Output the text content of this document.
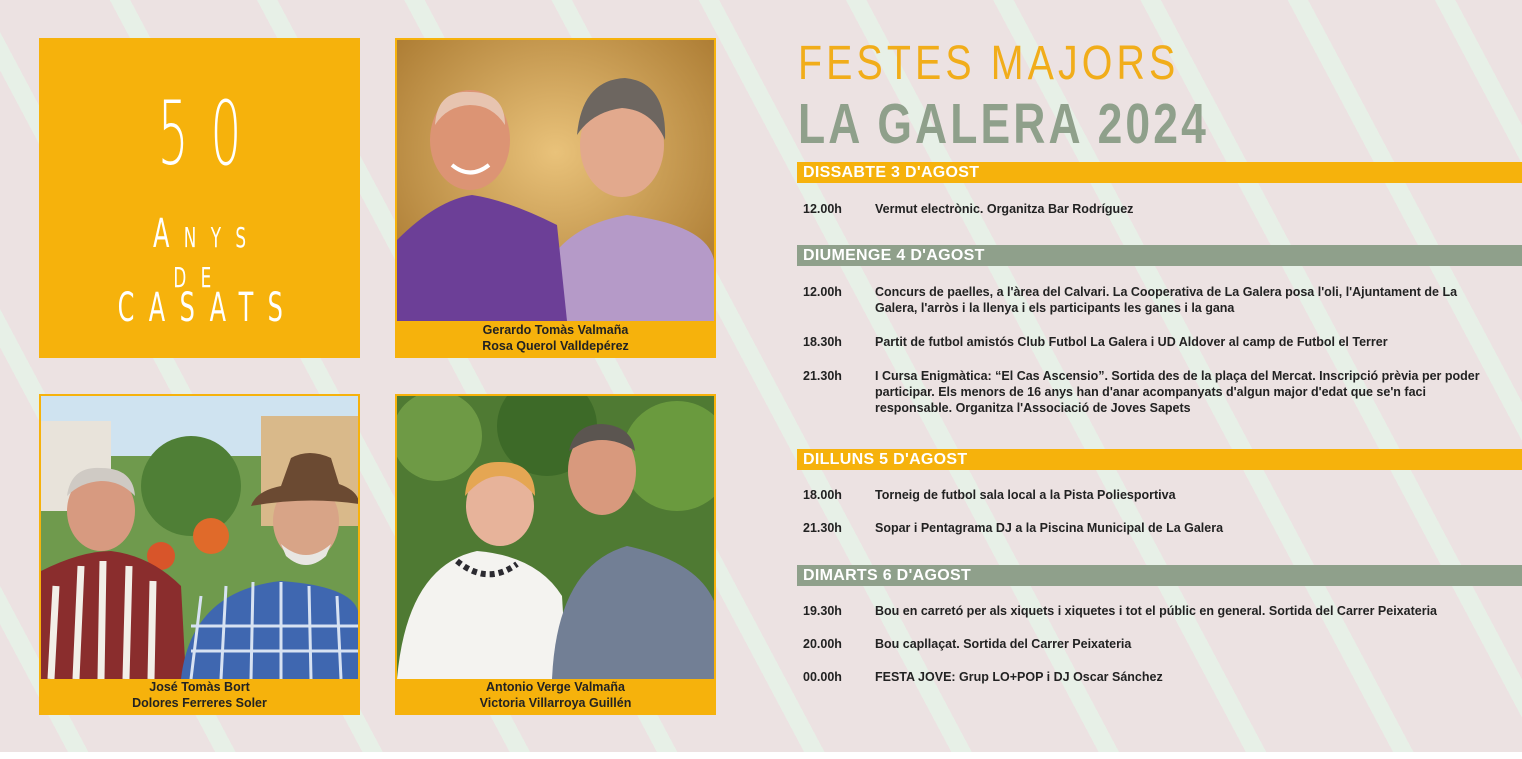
50
Anys de
CASATS	Gerardo Tomàs Valmaña
Rosa Querol Valldepérez
José Tomàs Bort
Dolores Ferreres Soler
Antonio Verge Valmaña
Victoria Villarroya Guillén
FESTES MAJORS
LA GALERA 2024
DISSABTE 3 D'AGOST
12.00h	Vermut electrònic. Organitza Bar Rodríguez
DIUMENGE 4 D'AGOST
12.00h	Concurs de paelles, a l'àrea del Calvari. La Cooperativa de La Galera posa l'oli, l'Ajuntament de La Galera, l'arròs i la llenya i els participants les ganes i la gana
18.30h	Partit de futbol amistós Club Futbol La Galera i UD Aldover al camp de Futbol el Terrer
21.30h	I Cursa Enigmàtica: “El Cas Ascensio”. Sortida des de la plaça del Mercat. Inscripció prèvia per poder participar. Els menors de 16 anys han d'anar acompanyats d'algun major d'edat que se'n faci responsable. Organitza l'Associació de Joves Sapets
DILLUNS 5 D'AGOST
18.00h	Torneig de futbol sala local a la Pista Poliesportiva
21.30h	Sopar i Pentagrama DJ a la Piscina Municipal de La Galera
DIMARTS 6 D'AGOST
19.30h	Bou en carretó per als xiquets i xiquetes i tot el públic en general. Sortida del Carrer Peixateria
20.00h	Bou capllaçat. Sortida del Carrer Peixateria
00.00h	FESTA JOVE: Grup LO+POP i DJ Oscar Sánchez
